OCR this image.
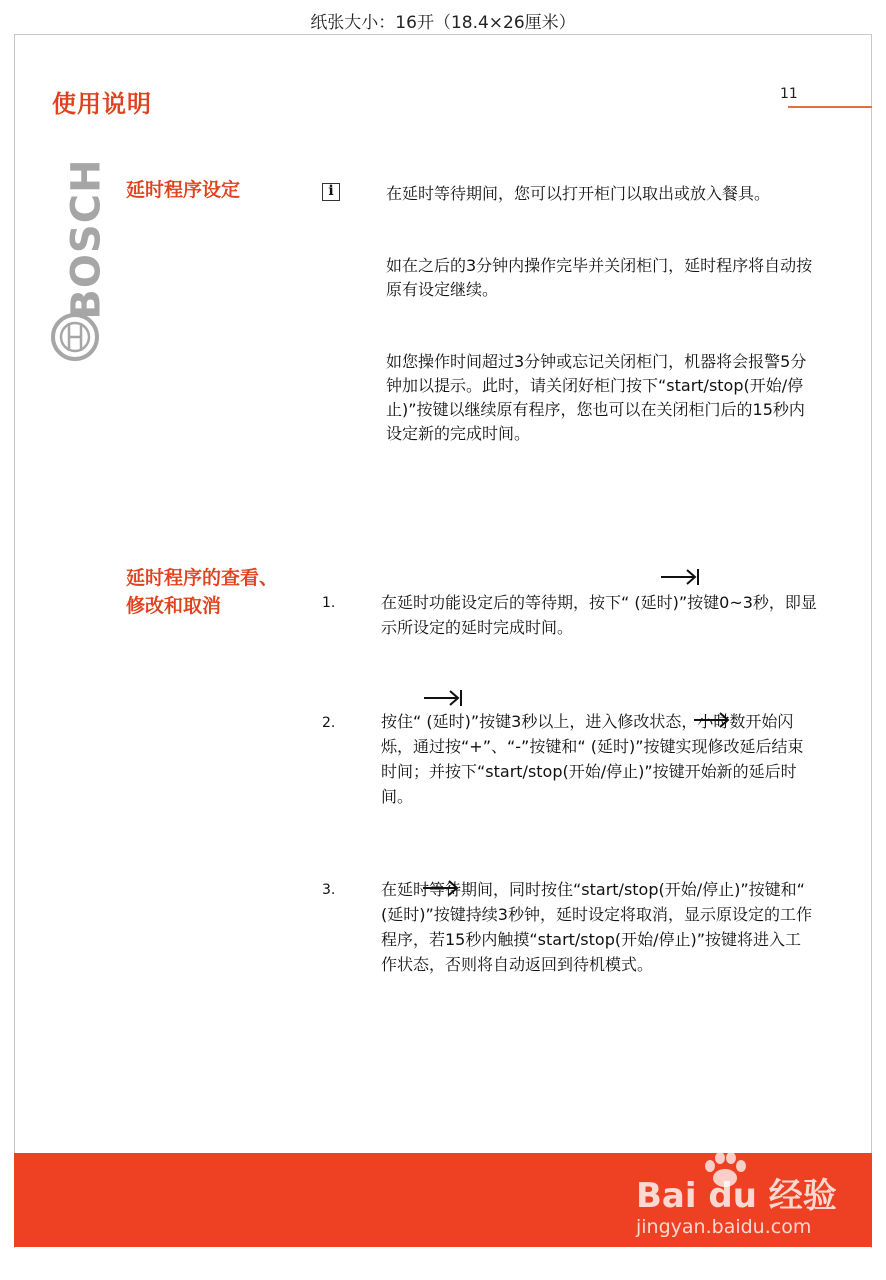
纸张大小：16开（18.4×26厘米）
使用说明	11
BOSCH 延时程序设定	i	在延时等待期间，您可以打开柜门以取出或放入餐具。
如在之后的3分钟内操作完毕并关闭柜门，延时程序将自动按原有设定继续。
如您操作时间超过3分钟或忘记关闭柜门，机器将会报警5分钟加以提示。此时，请关闭好柜门按下“start/stop(开始/停止)”按键以继续原有程序，您也可以在关闭柜门后的15秒内设定新的完成时间。
延时程序的查看、
修改和取消	1.	在延时功能设定后的等待期，按下“ (延时)”按键0~3秒，即显示所设定的延时完成时间。
2.	按住“ (延时)”按键3秒以上，进入修改状态，小时数开始闪烁，通过按“+”、“-”按键和“ (延时)”按键实现修改延后结束时间；并按下“start/stop(开始/停止)”按键开始新的延后时间。
3.	在延时等待期间，同时按住“start/stop(开始/停止)”按键和“ (延时)”按键持续3秒钟，延时设定将取消，显示原设定的工作程序，若15秒内触摸“start/stop(开始/停止)”按键将进入工作状态，否则将自动返回到待机模式。
Bai du 经验
jingyan.baidu.com
